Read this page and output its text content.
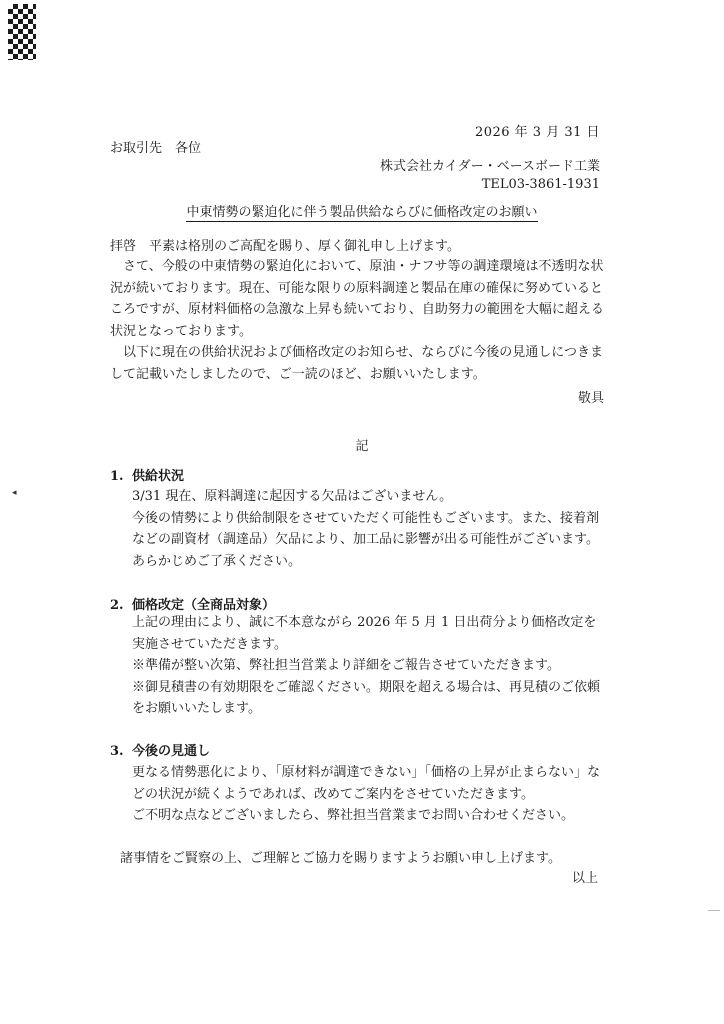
◂
2026 年 3 月 31 日
お取引先　各位
株式会社カイダー・ベースボード工業
TEL03-3861-1931
中東情勢の緊迫化に伴う製品供給ならびに価格改定のお願い
拝啓　平素は格別のご高配を賜り、厚く御礼申し上げます。
さて、今般の中東情勢の緊迫化において、原油・ナフサ等の調達環境は不透明な状況が続いております。現在、可能な限りの原料調達と製品在庫の確保に努めているところですが、原材料価格の急激な上昇も続いており、自助努力の範囲を大幅に超える状況となっております。
以下に現在の供給状況および価格改定のお知らせ、ならびに今後の見通しにつきまして記載いたしましたので、ご一読のほど、お願いいたします。
敬具
記
1. 供給状況

3/31 現在、原料調達に起因する欠品はございません。

今後の情勢により供給制限をさせていただく可能性もございます。また、接着剤などの副資材（調達品）欠品により、加工品に影響が出る可能性がございます。あらかじめご了承ください。

2. 価格改定（全商品対象）

上記の理由により、誠に不本意ながら 2026 年 5 月 1 日出荷分より価格改定を実施させていただきます。

※準備が整い次第、弊社担当営業より詳細をご報告させていただきます。

※御見積書の有効期限をご確認ください。期限を超える場合は、再見積のご依頼をお願いいたします。

3. 今後の見通し

更なる情勢悪化により、「原材料が調達できない」「価格の上昇が止まらない」などの状況が続くようであれば、改めてご案内をさせていただきます。

ご不明な点などございましたら、弊社担当営業までお問い合わせください。

諸事情をご賢察の上、ご理解とご協力を賜りますようお願い申し上げます。
以上
